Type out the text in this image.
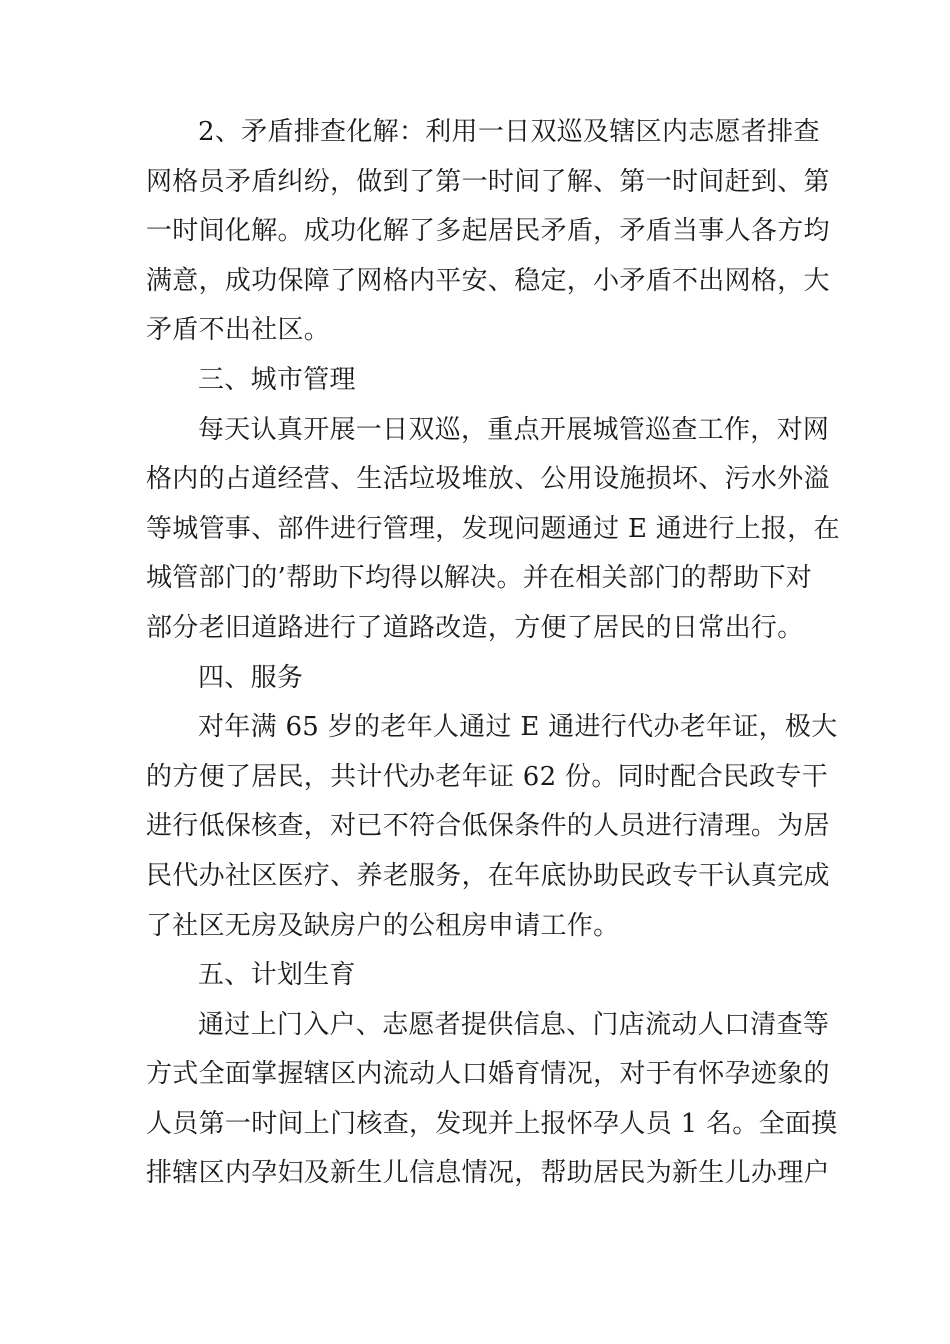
2、矛盾排查化解：利用一日双巡及辖区内志愿者排查
网格员矛盾纠纷，做到了第一时间了解、第一时间赶到、第
一时间化解。成功化解了多起居民矛盾，矛盾当事人各方均
满意，成功保障了网格内平安、稳定，小矛盾不出网格，大
矛盾不出社区。

三、城市管理

每天认真开展一日双巡，重点开展城管巡查工作，对网
格内的占道经营、生活垃圾堆放、公用设施损坏、污水外溢
等城管事、部件进行管理，发现问题通过 E 通进行上报，在
城管部门的’帮助下均得以解决。并在相关部门的帮助下对
部分老旧道路进行了道路改造，方便了居民的日常出行。

四、服务

对年满 65 岁的老年人通过 E 通进行代办老年证，极大
的方便了居民，共计代办老年证 62 份。同时配合民政专干
进行低保核查，对已不符合低保条件的人员进行清理。为居
民代办社区医疗、养老服务，在年底协助民政专干认真完成
了社区无房及缺房户的公租房申请工作。

五、计划生育

通过上门入户、志愿者提供信息、门店流动人口清查等
方式全面掌握辖区内流动人口婚育情况，对于有怀孕迹象的
人员第一时间上门核查，发现并上报怀孕人员 1 名。全面摸
排辖区内孕妇及新生儿信息情况，帮助居民为新生儿办理户
